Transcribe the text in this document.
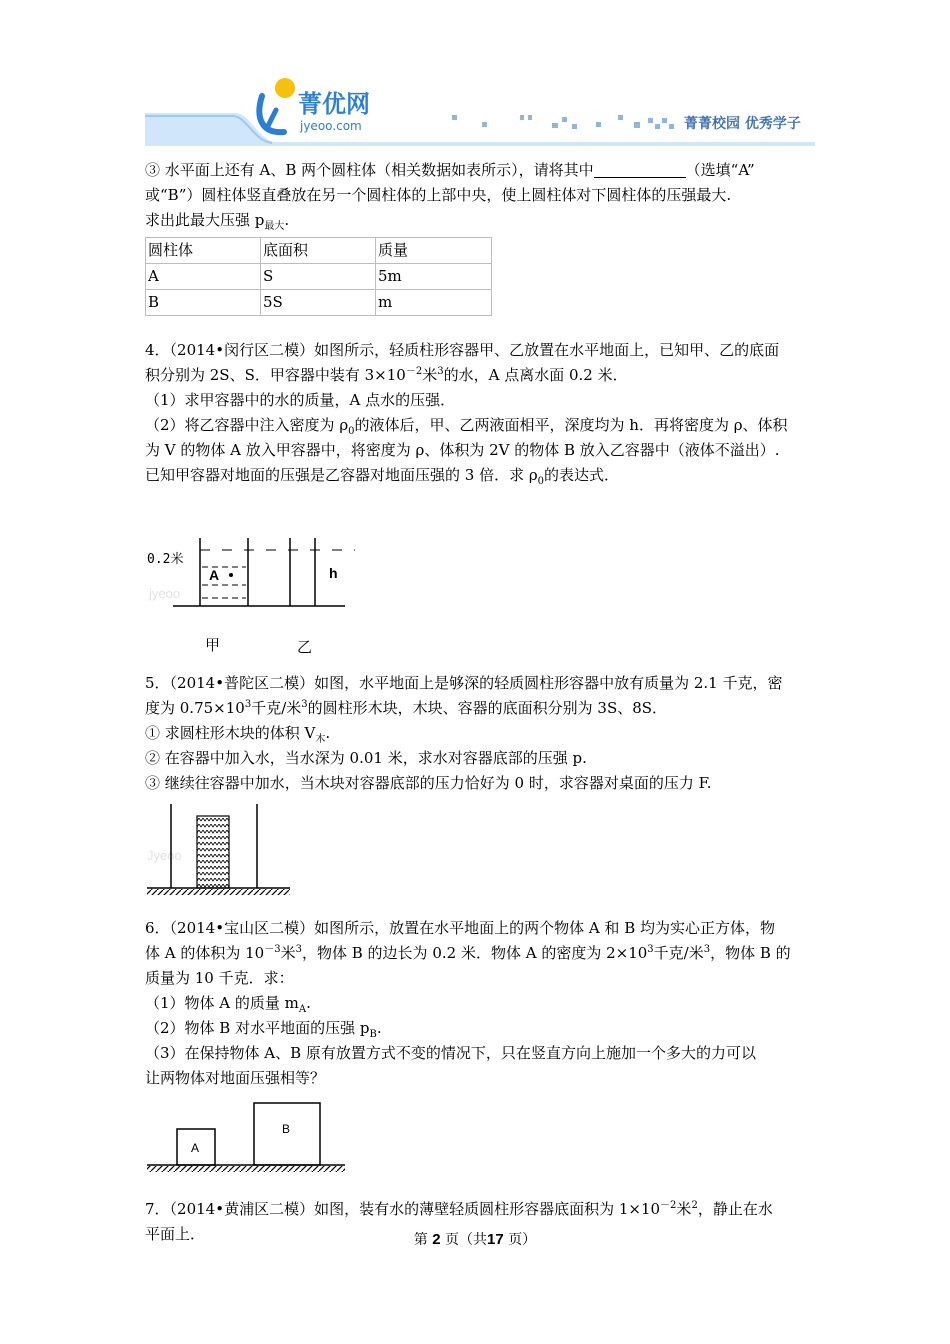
菁优网
jyeoo.com	菁菁校园 优秀学子

③ 水平面上还有 A、B 两个圆柱体（相关数据如表所示），请将其中	（选填“A”

或“B”）圆柱体竖直叠放在另一个圆柱体的上部中央，使上圆柱体对下圆柱体的压强最大.

求出此最大压强 $p_{最大}$.

圆柱体	底面积	质量
A	S	5m
B	5S	m

4．（2014•闵行区二模）如图所示，轻质柱形容器甲、乙放置在水平地面上，已知甲、乙的底面

积分别为 2S、S．甲容器中装有 $3\times 10^{-2}$米$^3$的水，A 点离水面 0.2 米．

（1）求甲容器中的水的质量，A 点水的压强．

（2）将乙容器中注入密度为 $\rho_0$的液体后，甲、乙两液面相平，深度均为 h．再将密度为 ρ、体积

为 V 的物体 A 放入甲容器中，将密度为 ρ、体积为 2V 的物体 B 放入乙容器中（液体不溢出）.

已知甲容器对地面的压强是乙容器对地面压强的 3 倍．求 $\rho_0$的表达式．

0.2米
jyeoo
A	h
甲	乙

5．（2014•普陀区二模）如图，水平地面上是够深的轻质圆柱形容器中放有质量为 2.1 千克，密

度为 $0.75\times 10^3$千克/米$^3$的圆柱形木块，木块、容器的底面积分别为 3S、8S．

① 求圆柱形木块的体积 $V_木$.

② 在容器中加入水，当水深为 0.01 米，求水对容器底部的压强 p.

③ 继续往容器中加水，当木块对容器底部的压力恰好为 0 时，求容器对桌面的压力 F.

Jyeoo

6．（2014•宝山区二模）如图所示，放置在水平地面上的两个物体 A 和 B 均为实心正方体，物

体 A 的体积为 $10^{-3}$米$^3$，物体 B 的边长为 0.2 米．物体 A 的密度为 $2\times 10^3$千克/米$^3$，物体 B 的

质量为 10 千克．求：

（1）物体 A 的质量 $m_A$.

（2）物体 B 对水平地面的压强 $p_B$.

（3）在保持物体 A、B 原有放置方式不变的情况下，只在竖直方向上施加一个多大的力可以

让两物体对地面压强相等？

A
B

7．（2014•黄浦区二模）如图，装有水的薄壁轻质圆柱形容器底面积为 $1\times 10^{-2}$米$^2$，静止在水

平面上．	第 2 页（共17 页）
